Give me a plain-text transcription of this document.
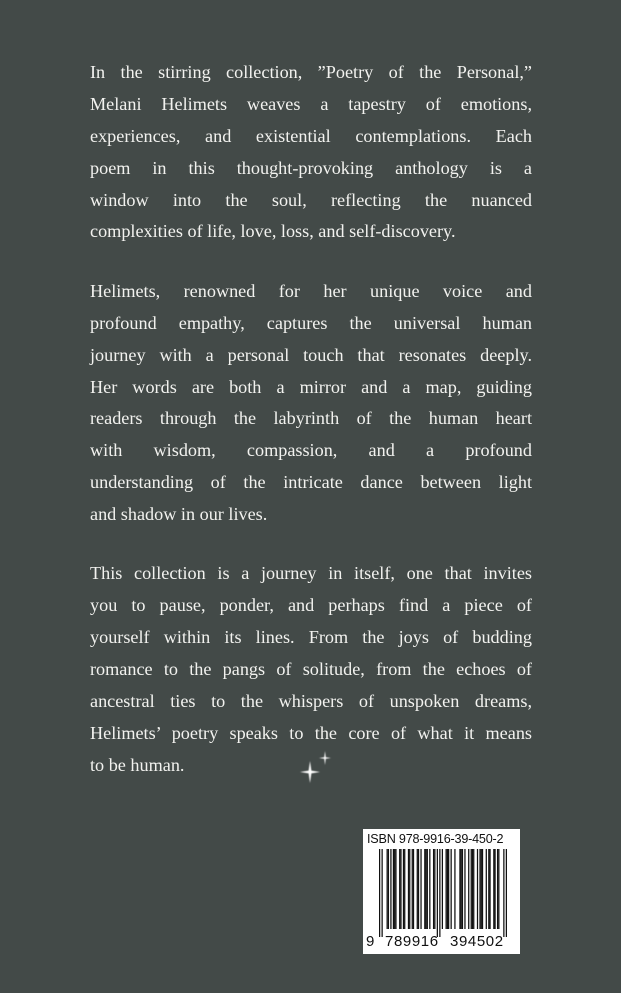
In the stirring collection, ”Poetry of the Personal,”
Melani Helimets weaves a tapestry of emotions,
experiences, and existential contemplations. Each
poem in this thought-provoking anthology is a
window into the soul, reflecting the nuanced
complexities of life, love, loss, and self-discovery.
Helimets, renowned for her unique voice and
profound empathy, captures the universal human
journey with a personal touch that resonates deeply.
Her words are both a mirror and a map, guiding
readers through the labyrinth of the human heart
with wisdom, compassion, and a profound
understanding of the intricate dance between light
and shadow in our lives.
This collection is a journey in itself, one that invites
you to pause, ponder, and perhaps find a piece of
yourself within its lines. From the joys of budding
romance to the pangs of solitude, from the echoes of
ancestral ties to the whispers of unspoken dreams,
Helimets’ poetry speaks to the core of what it means
to be human.
ISBN 978-9916-39-450-2
9 789916 394502
